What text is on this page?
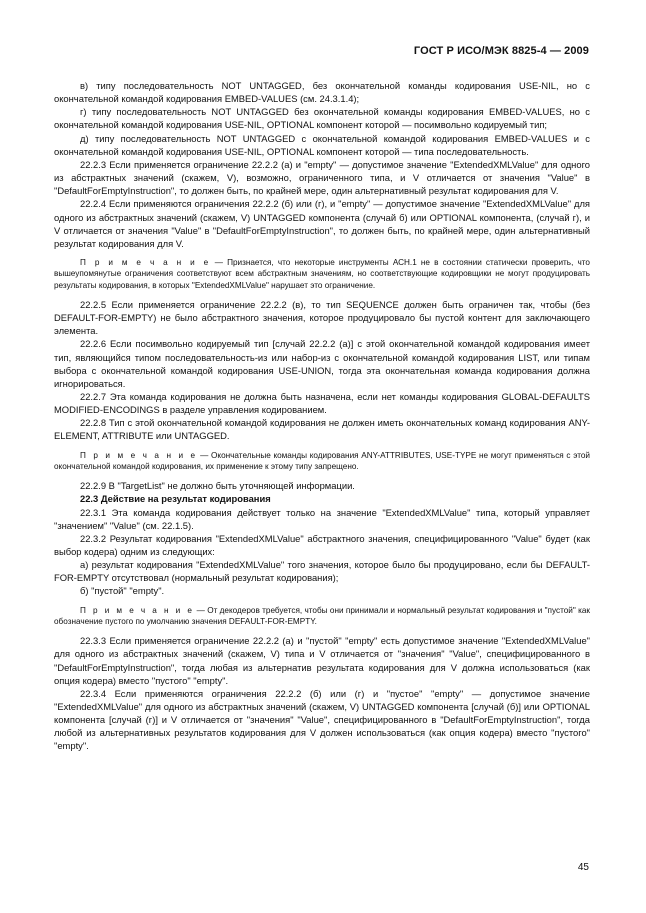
ГОСТ Р ИСО/МЭК 8825-4 — 2009

в) типу последовательность NOT UNTAGGED, без окончательной команды кодирования USE-NIL, но с окончательной командой кодирования EMBED-VALUES (см. 24.3.1.4);

г) типу последовательность NOT UNTAGGED без окончательной команды кодирования EMBED-VALUES, но с окончательной командой кодирования USE-NIL, OPTIONAL компонент которой — посимвольно кодируемый тип;

д) типу последовательность NOT UNTAGGED с окончательной командой кодирования EMBED-VALUES и с окончательной командой кодирования USE-NIL, OPTIONAL компонент которой — типа последовательность.

22.2.3 Если применяется ограничение 22.2.2 (а) и "empty" — допустимое значение "ExtendedXMLValue" для одного из абстрактных значений (скажем, V), возможно, ограниченного типа, и V отличается от значения "Value" в "DefaultForEmptyInstruction", то должен быть, по крайней мере, один альтернативный результат кодирования для V.

22.2.4 Если применяются ограничения 22.2.2 (б) или (г), и "empty" — допустимое значение "ExtendedXMLValue" для одного из абстрактных значений (скажем, V) UNTAGGED компонента (случай б) или OPTIONAL компонента, (случай г), и V отличается от значения "Value" в "DefaultForEmptyInstruction", то должен быть, по крайней мере, один альтернативный результат кодирования для V.

П р и м е ч а н и е — Признается, что некоторые инструменты АСН.1 не в состоянии статически проверить, что вышеупомянутые ограничения соответствуют всем абстрактным значениям, но соответствующие кодировщики не могут продуцировать результаты кодирования, в которых "ExtendedXMLValue" нарушает это ограничение.

22.2.5 Если применяется ограничение 22.2.2 (в), то тип SEQUENCE должен быть ограничен так, чтобы (без DEFAULT-FOR-EMPTY) не было абстрактного значения, которое продуцировало бы пустой контент для заключающего элемента.

22.2.6 Если посимвольно кодируемый тип [случай 22.2.2 (а)] с этой окончательной командой кодирования имеет тип, являющийся типом последовательность-из или набор-из с окончательной командой кодирования LIST, или типам выбора с окончательной командой кодирования USE-UNION, тогда эта окончательная команда кодирования должна игнорироваться.

22.2.7 Эта команда кодирования не должна быть назначена, если нет команды кодирования GLOBAL-DEFAULTS MODIFIED-ENCODINGS в разделе управления кодированием.

22.2.8 Тип с этой окончательной командой кодирования не должен иметь окончательных команд кодирования ANY-ELEMENT, ATTRIBUTE или UNTAGGED.

П р и м е ч а н и е — Окончательные команды кодирования ANY-ATTRIBUTES, USE-TYPE не могут применяться с этой окончательной командой кодирования, их применение к этому типу запрещено.

22.2.9 В "TargetList" не должно быть уточняющей информации.

22.3 Действие на результат кодирования

22.3.1 Эта команда кодирования действует только на значение "ExtendedXMLValue" типа, который управляет "значением" "Value" (см. 22.1.5).

22.3.2 Результат кодирования "ExtendedXMLValue" абстрактного значения, специфицированного "Value" будет (как выбор кодера) одним из следующих:

а) результат кодирования "ExtendedXMLValue" того значения, которое было бы продуцировано, если бы DEFAULT-FOR-EMPTY отсутствовал (нормальный результат кодирования);

б) "пустой" "empty".

П р и м е ч а н и е — От декодеров требуется, чтобы они принимали и нормальный результат кодирования и "пустой" как обозначение пустого по умолчанию значения DEFAULT-FOR-EMPTY.

22.3.3 Если применяется ограничение 22.2.2 (а) и "пустой" "empty" есть допустимое значение "ExtendedXMLValue" для одного из абстрактных значений (скажем, V) типа и V отличается от "значения" "Value", специфицированного в "DefaultForEmptyInstruction", тогда любая из альтернатив результата кодирования для V должна использоваться (как опция кодера) вместо "пустого" "empty".

22.3.4 Если применяются ограничения 22.2.2 (б) или (г) и "пустое" "empty" — допустимое значение "ExtendedXMLValue" для одного из абстрактных значений (скажем, V) UNTAGGED компонента [случай (б)] или OPTIONAL компонента [случай (г)] и V отличается от "значения" "Value", специфицированного в "DefaultForEmptyInstruction", тогда любой из альтернативных результатов кодирования для V должен использоваться (как опция кодера) вместо "пустого" "empty".

45
